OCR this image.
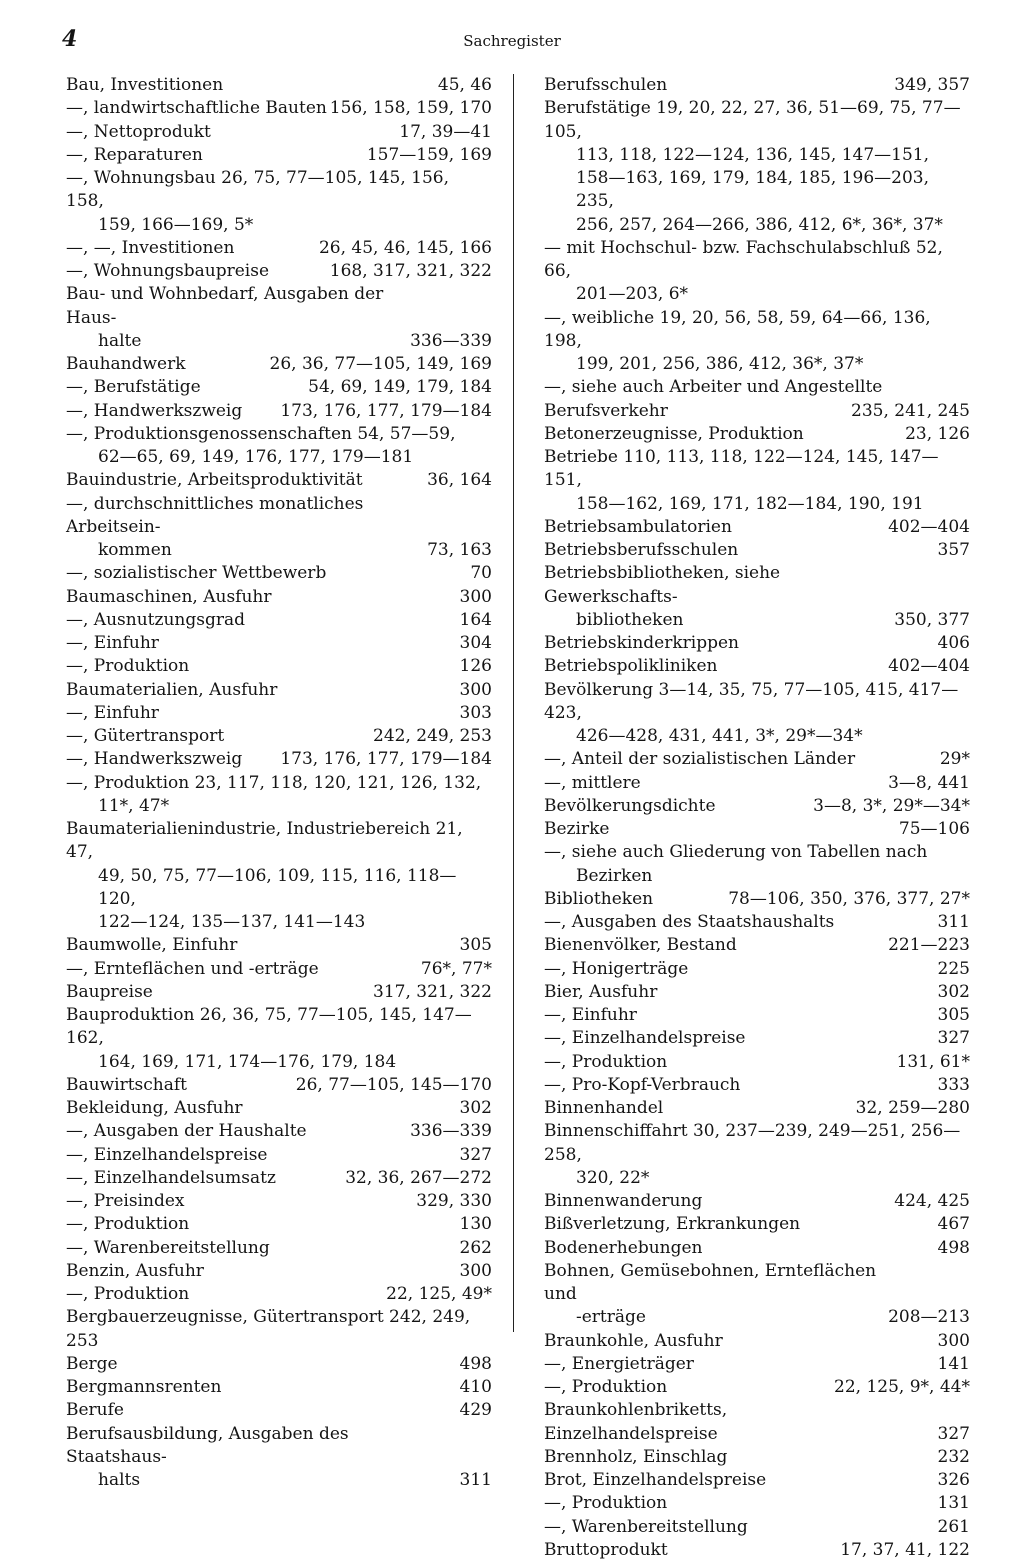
4	Sachregister
Bau, Investitionen	45, 46
—, landwirtschaftliche Bauten 156, 158, 159, 170
—, Nettoprodukt	17, 39—41
—, Reparaturen	157—159, 169
—, Wohnungsbau 26, 75, 77—105, 145, 156, 158,
159, 166—169, 5*
—, —, Investitionen	26, 45, 46, 145, 166
—, Wohnungsbaupreise	168, 317, 321, 322
Bau- und Wohnbedarf, Ausgaben der Haus-
halte	336—339
Bauhandwerk	26, 36, 77—105, 149, 169
—, Berufstätige	54, 69, 149, 179, 184
—, Handwerkszweig 173, 176, 177, 179—184
—, Produktionsgenossenschaften 54, 57—59,
62—65, 69, 149, 176, 177, 179—181
Bauindustrie, Arbeitsproduktivität	36, 164
—, durchschnittliches monatliches Arbeitsein-
kommen	73, 163
—, sozialistischer Wettbewerb	70
Baumaschinen, Ausfuhr	300
—, Ausnutzungsgrad	164
—, Einfuhr	304
—, Produktion	126
Baumaterialien, Ausfuhr	300
—, Einfuhr	303
—, Gütertransport	242, 249, 253
—, Handwerkszweig 173, 176, 177, 179—184
—, Produktion 23, 117, 118, 120, 121, 126, 132,
11*, 47*
Baumaterialienindustrie, Industriebereich 21, 47,
49, 50, 75, 77—106, 109, 115, 116, 118—120,
122—124, 135—137, 141—143
Baumwolle, Einfuhr	305
—, Ernteflächen und -erträge	76*, 77*
Baupreise	317, 321, 322
Bauproduktion 26, 36, 75, 77—105, 145, 147—162,
164, 169, 171, 174—176, 179, 184
Bauwirtschaft	26, 77—105, 145—170
Bekleidung, Ausfuhr	302
—, Ausgaben der Haushalte	336—339
—, Einzelhandelspreise	327
—, Einzelhandelsumsatz	32, 36, 267—272
—, Preisindex	329, 330
—, Produktion	130
—, Warenbereitstellung	262
Benzin, Ausfuhr	300
—, Produktion	22, 125, 49*
Bergbauerzeugnisse, Gütertransport 242, 249, 253
Berge	498
Bergmannsrenten	410
Berufe	429
Berufsausbildung, Ausgaben des Staatshaus-
halts	311
Berufsschulen	349, 357
Berufstätige 19, 20, 22, 27, 36, 51—69, 75, 77—105,
113, 118, 122—124, 136, 145, 147—151,
158—163, 169, 179, 184, 185, 196—203, 235,
256, 257, 264—266, 386, 412, 6*, 36*, 37*
— mit Hochschul- bzw. Fachschulabschluß 52, 66,
201—203, 6*
—, weibliche 19, 20, 56, 58, 59, 64—66, 136, 198,
199, 201, 256, 386, 412, 36*, 37*
—, siehe auch Arbeiter und Angestellte
Berufsverkehr	235, 241, 245
Betonerzeugnisse, Produktion	23, 126
Betriebe 110, 113, 118, 122—124, 145, 147—151,
158—162, 169, 171, 182—184, 190, 191
Betriebsambulatorien	402—404
Betriebsberufsschulen	357
Betriebsbibliotheken, siehe Gewerkschafts-
bibliotheken	350, 377
Betriebskinderkrippen	406
Betriebspolikliniken	402—404
Bevölkerung 3—14, 35, 75, 77—105, 415, 417—423,
426—428, 431, 441, 3*, 29*—34*
—, Anteil der sozialistischen Länder	29*
—, mittlere	3—8, 441
Bevölkerungsdichte	3—8, 3*, 29*—34*
Bezirke	75—106
—, siehe auch Gliederung von Tabellen nach
Bezirken
Bibliotheken	78—106, 350, 376, 377, 27*
—, Ausgaben des Staatshaushalts	311
Bienenvölker, Bestand	221—223
—, Honigerträge	225
Bier, Ausfuhr	302
—, Einfuhr	305
—, Einzelhandelspreise	327
—, Produktion	131, 61*
—, Pro-Kopf-Verbrauch	333
Binnenhandel	32, 259—280
Binnenschiffahrt 30, 237—239, 249—251, 256—258,
320, 22*
Binnenwanderung	424, 425
Bißverletzung, Erkrankungen	467
Bodenerhebungen	498
Bohnen, Gemüsebohnen, Ernteflächen und
-erträge	208—213
Braunkohle, Ausfuhr	300
—, Energieträger	141
—, Produktion	22, 125, 9*, 44*
Braunkohlenbriketts, Einzelhandelspreise	327
Brennholz, Einschlag	232
Brot, Einzelhandelspreise	326
—, Produktion	131
—, Warenbereitstellung	261
Bruttoprodukt	17, 37, 41, 122
